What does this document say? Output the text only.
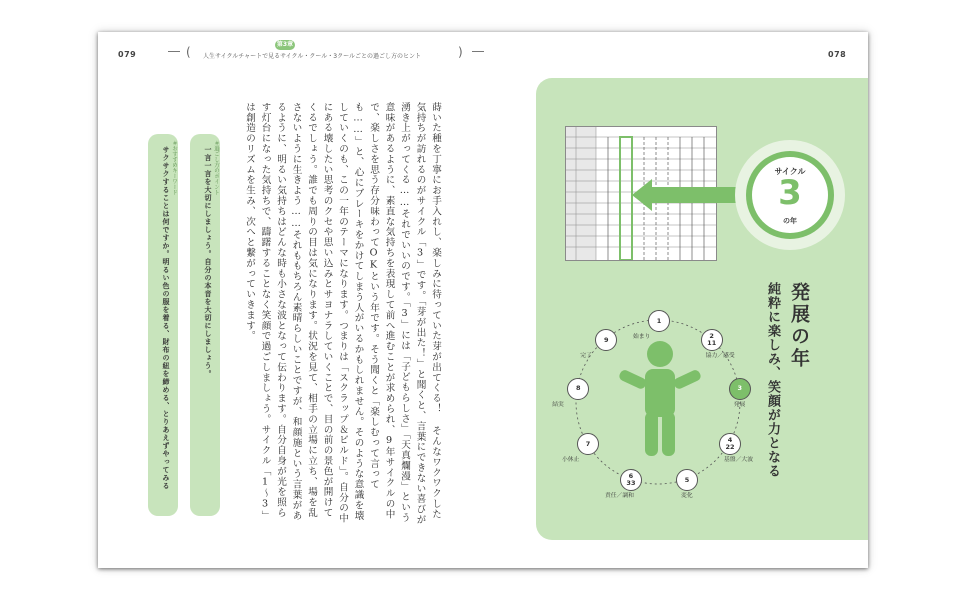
079	078
(
第3章
人生サイクルチャートで見るサイクル・クール・3クールごとの過ごし方のヒント	)
蒔いた種を丁寧にお手入れし、楽しみに待っていた芽が出てくる！ そんなワクワクした気持ちが訪れるのがサイクル「3」です。「芽が出た！」と聞くと、言葉にできない喜びが湧き上がってくる……それでいいのです。「3」には「子どもらしさ」「天真爛漫」という意味があるように、素直な気持ちを表現して前へ進むことが求められ、9年サイクルの中で、楽しさを思う存分味わってOKという年です。そう聞くと「楽しむって言っても……」と、心にブレーキをかけてしまう人がいるかもしれません。そのような意識を壊していくのも、この一年のテーマになります。つまりは「スクラップ＆ビルド」。自分の中にある壊したい思考のクセや思い込みとサヨナラしていくことで、目の前の景色が開けてくるでしょう。誰でも周りの目は気になります。状況を見て、相手の立場に立ち、場を乱さないように生きよう……それももちろん素晴らしいことですが、和顔施という言葉があるように、明るい気持ちはどんな時も小さな波となって伝わります。自分自身が光を照らす灯台になった気持ちで、躊躇することなく笑顔で過ごしましょう。サイクル「1〜3」は創造のリズムを生み、次へと繋がっていきます。
＃過ごし方のポイント
一言一言を大切にしましょう。自分の本音を大切にしましょう。
＃おすすめキーワード
サクサクすることは何ですか。明るい色の服を着る、財布の紐を締める、とりあえずやってみる	サイクル
3
の年
発展の年
純粋に楽しみ、笑顔が力となる
1
始まり	2
11
協力／感受
3
発展
4
22
基盤／大波
5
変化
6
33
責任／調和
7
小休止
8
結実
9
完了
